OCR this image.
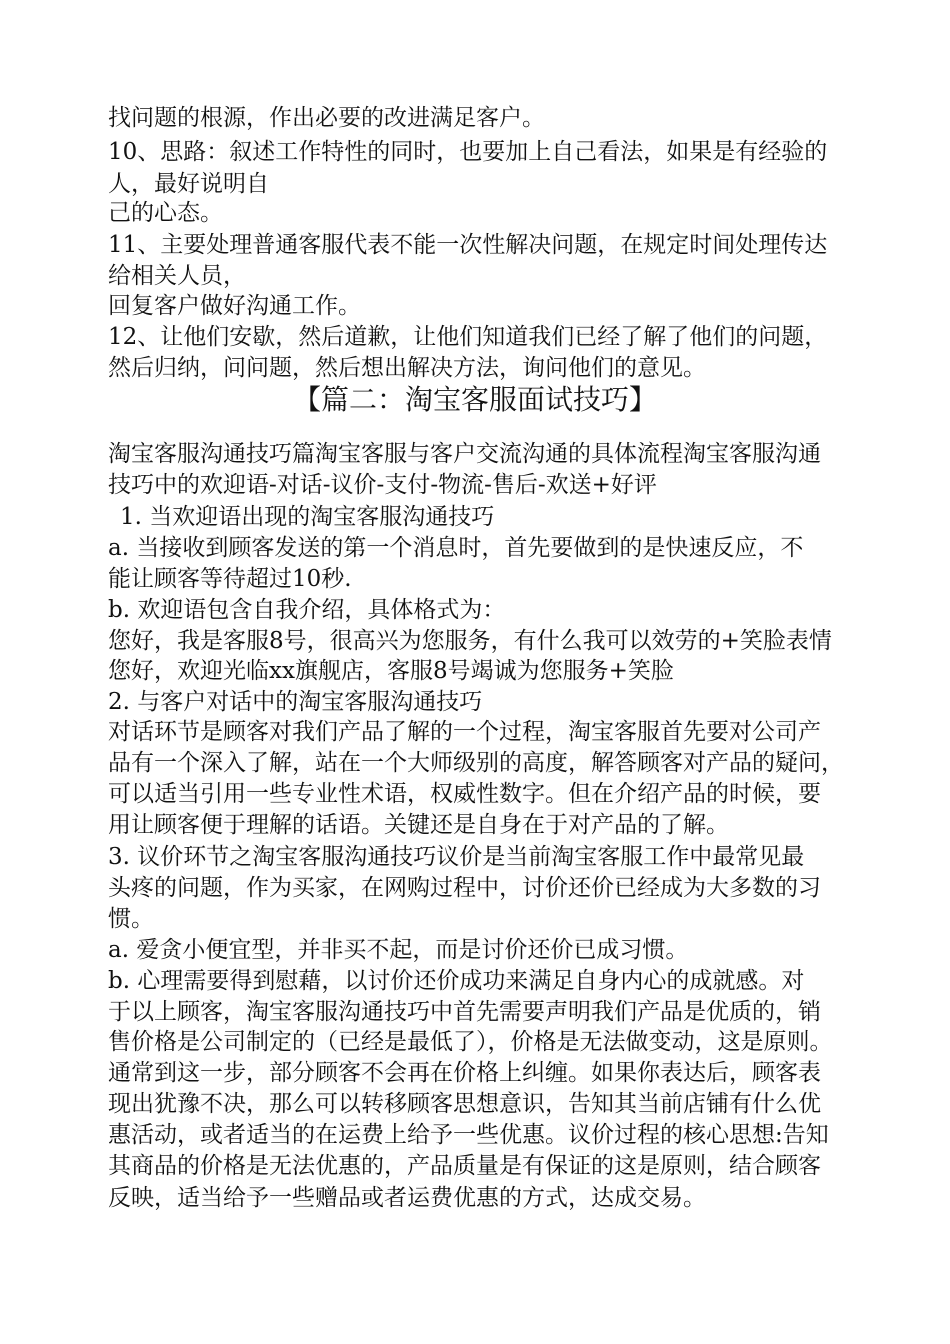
找问题的根源，作出必要的改进满足客户。
10、思路：叙述工作特性的同时，也要加上自己看法，如果是有经验的
人，最好说明自
己的心态。
11、主要处理普通客服代表不能一次性解决问题，在规定时间处理传达
给相关人员，
回复客户做好沟通工作。
12、让他们安歇，然后道歉，让他们知道我们已经了解了他们的问题，
然后归纳，问问题，然后想出解决方法，询问他们的意见。
【篇二：淘宝客服面试技巧】
淘宝客服沟通技巧篇淘宝客服与客户交流沟通的具体流程淘宝客服沟通
技巧中的欢迎语-对话-议价-支付-物流-售后-欢送+好评
1. 当欢迎语出现的淘宝客服沟通技巧
a. 当接收到顾客发送的第一个消息时，首先要做到的是快速反应，不
能让顾客等待超过10秒.
b. 欢迎语包含自我介绍，具体格式为：
您好，我是客服8号，很高兴为您服务，有什么我可以效劳的+笑脸表情
您好，欢迎光临xx旗舰店，客服8号竭诚为您服务+笑脸
2. 与客户对话中的淘宝客服沟通技巧
对话环节是顾客对我们产品了解的一个过程，淘宝客服首先要对公司产
品有一个深入了解，站在一个大师级别的高度，解答顾客对产品的疑问，
可以适当引用一些专业性术语，权威性数字。但在介绍产品的时候，要
用让顾客便于理解的话语。关键还是自身在于对产品的了解。
3. 议价环节之淘宝客服沟通技巧议价是当前淘宝客服工作中最常见最
头疼的问题，作为买家，在网购过程中，讨价还价已经成为大多数的习
惯。
a. 爱贪小便宜型，并非买不起，而是讨价还价已成习惯。
b. 心理需要得到慰藉，以讨价还价成功来满足自身内心的成就感。对
于以上顾客，淘宝客服沟通技巧中首先需要声明我们产品是优质的，销
售价格是公司制定的（已经是最低了），价格是无法做变动，这是原则。
通常到这一步，部分顾客不会再在价格上纠缠。如果你表达后，顾客表
现出犹豫不决，那么可以转移顾客思想意识，告知其当前店铺有什么优
惠活动，或者适当的在运费上给予一些优惠。议价过程的核心思想:告知
其商品的价格是无法优惠的，产品质量是有保证的这是原则，结合顾客
反映，适当给予一些赠品或者运费优惠的方式，达成交易。
